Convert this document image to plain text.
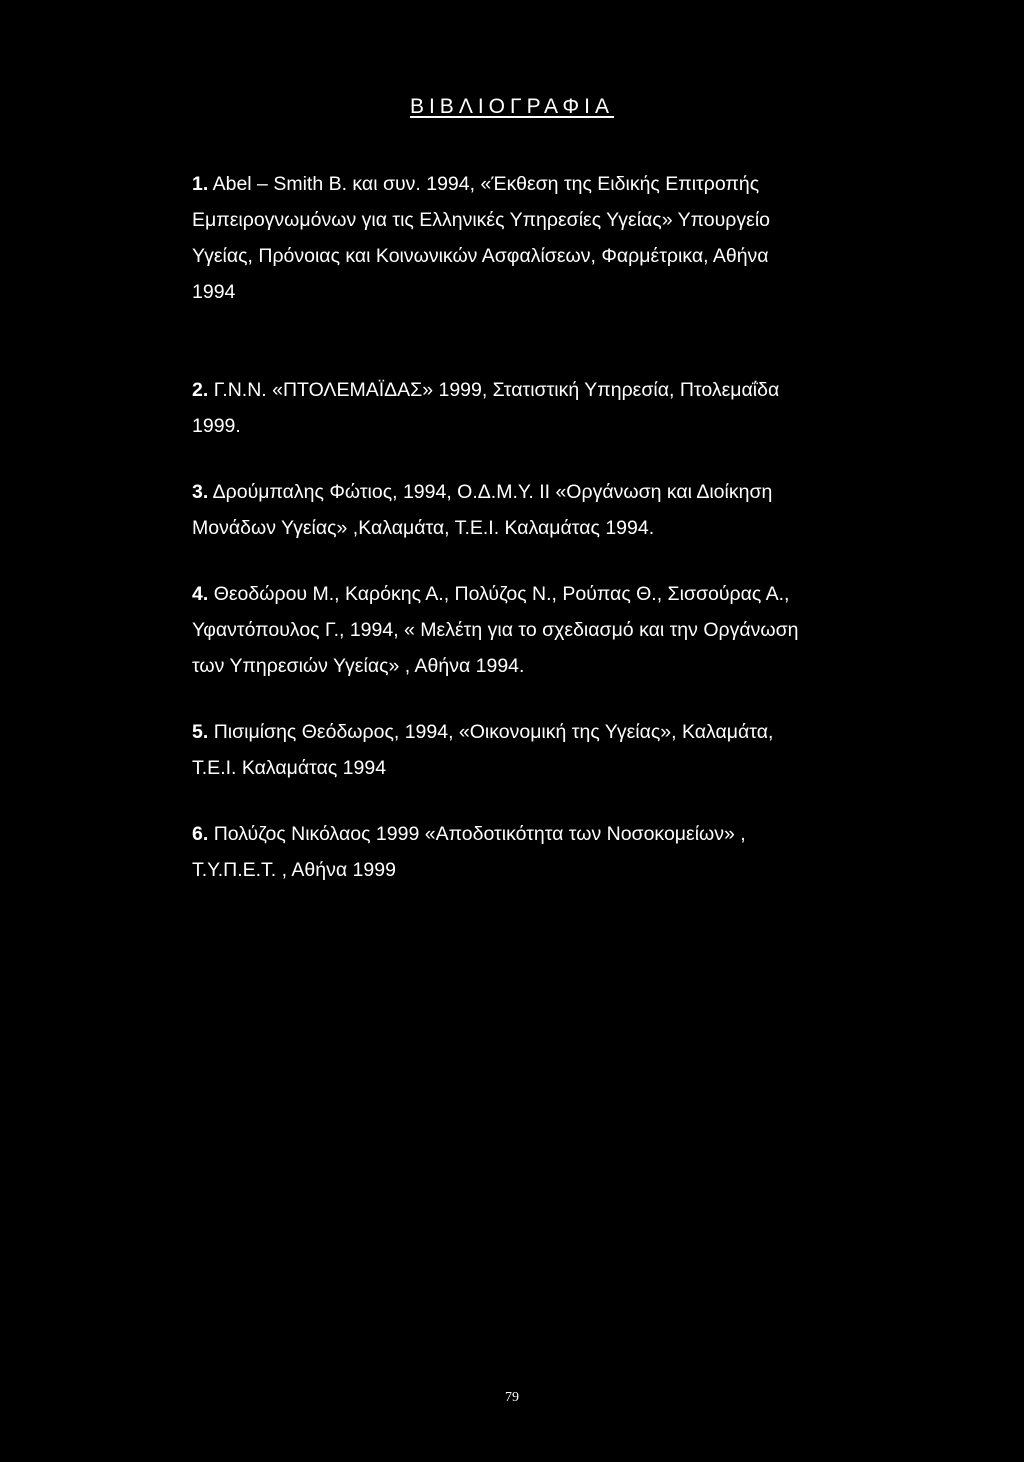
ΒΙΒΛΙΟΓΡΑΦΙΑ
1. Abel – Smith B. και συν. 1994, «Έκθεση της Ειδικής Επιτροπής
Εμπειρογνωμόνων για τις Ελληνικές Υπηρεσίες Υγείας» Υπουργείο
Υγείας, Πρόνοιας και Κοινωνικών Ασφαλίσεων, Φαρμέτρικα, Αθήνα
1994
2. Γ.Ν.Ν. «ΠΤΟΛΕΜΑΪΔΑΣ» 1999, Στατιστική Υπηρεσία, Πτολεμαΐδα
1999.
3. Δρούμπαλης Φώτιος, 1994, Ο.Δ.Μ.Υ. ΙΙ «Οργάνωση και Διοίκηση
Μονάδων Υγείας» ,Καλαμάτα, Τ.Ε.Ι. Καλαμάτας 1994.
4. Θεοδώρου Μ., Καρόκης Α., Πολύζος Ν., Ρούπας Θ., Σισσούρας Α.,
Υφαντόπουλος Γ., 1994, « Μελέτη για το σχεδιασμό και την Οργάνωση
των Υπηρεσιών Υγείας» , Αθήνα 1994.
5. Πισιμίσης Θεόδωρος, 1994, «Οικονομική της Υγείας», Καλαμάτα,
Τ.Ε.Ι. Καλαμάτας 1994
6. Πολύζος Νικόλαος 1999 «Αποδοτικότητα των Νοσοκομείων» ,
Τ.Υ.Π.Ε.Τ. , Αθήνα 1999
79
